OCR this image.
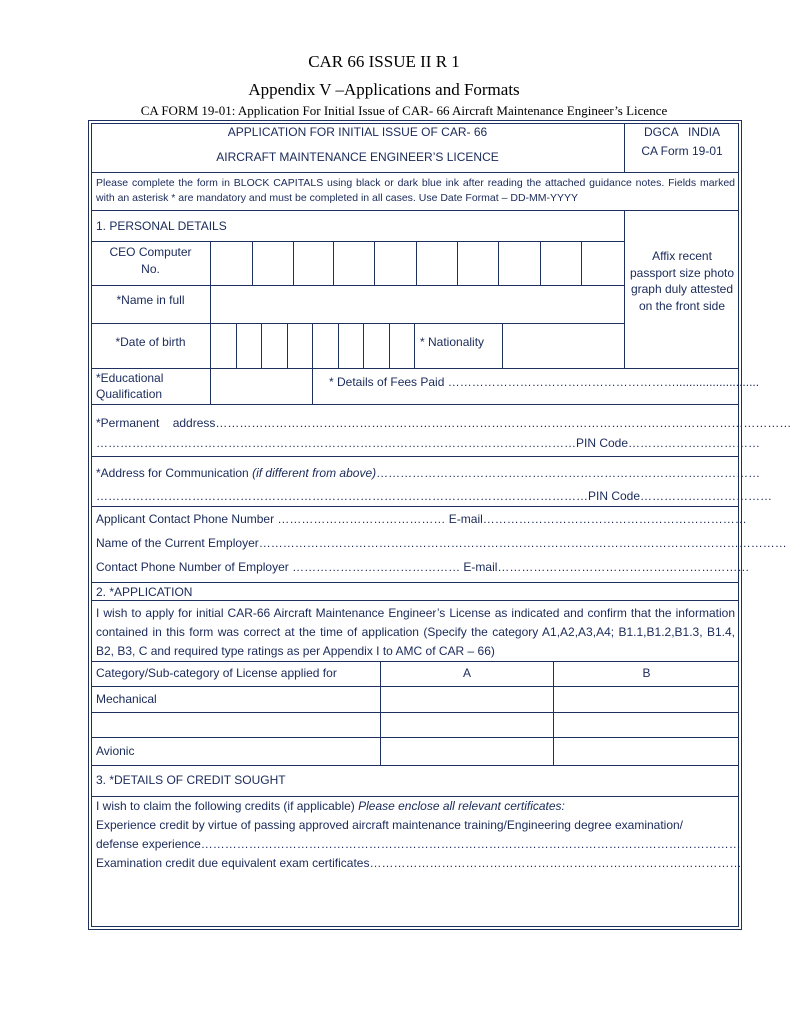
CAR 66 ISSUE II R 1
Appendix V –Applications and Formats
CA FORM 19-01: Application For Initial Issue of CAR- 66 Aircraft Maintenance Engineer’s Licence
APPLICATION FOR INITIAL ISSUE OF CAR- 66
AIRCRAFT MAINTENANCE ENGINEER’S LICENCE
DGCA   INDIA
CA Form 19-01
Please complete the form in BLOCK CAPITALS using black or dark blue ink after reading the attached guidance notes. Fields marked with an asterisk * are mandatory and must be completed in all cases. Use Date Format – DD-MM-YYYY
1. PERSONAL DETAILS
CEO Computer
No.
*Name in full
*Date of birth	* Nationality
Affix recent passport size photo graph duly attested on the front side
*Educational
Qualification
* Details of Fees Paid ………………………………………………….........................
*Permanent    address………………………………………………………………………………………………………………………………
…………………………………………………………………………………………………………PIN Code……………………………
*Address for Communication (if different from above)……………………………………………………………………………………
……………………………………………………………………………………………………………PIN Code……………………………
Applicant Contact Phone Number …………………………………… E-mail…………………………………………………………
Name of the Current Employer……………………………………………………………………………………………………………………
Contact Phone Number of Employer …………………………………… E-mail………………………………………………………
2. *APPLICATION
I wish to apply for initial CAR-66 Aircraft Maintenance Engineer’s License as indicated and confirm that the information contained in this form was correct at the time of application (Specify the category A1,A2,A3,A4; B1.1,B1.2,B1.3, B1.4, B2, B3, C and required type ratings as per Appendix I to AMC of CAR – 66)
Category/Sub-category of License applied for	A	B
Mechanical
Avionic
3. *DETAILS OF CREDIT SOUGHT
I wish to claim the following credits (if applicable) Please enclose all relevant certificates:
Experience credit by virtue of passing approved aircraft maintenance training/Engineering degree examination/
defense experience………………………………………………………………………………………………………………………
Examination credit due equivalent exam certificates…………………………………………………………………………………
